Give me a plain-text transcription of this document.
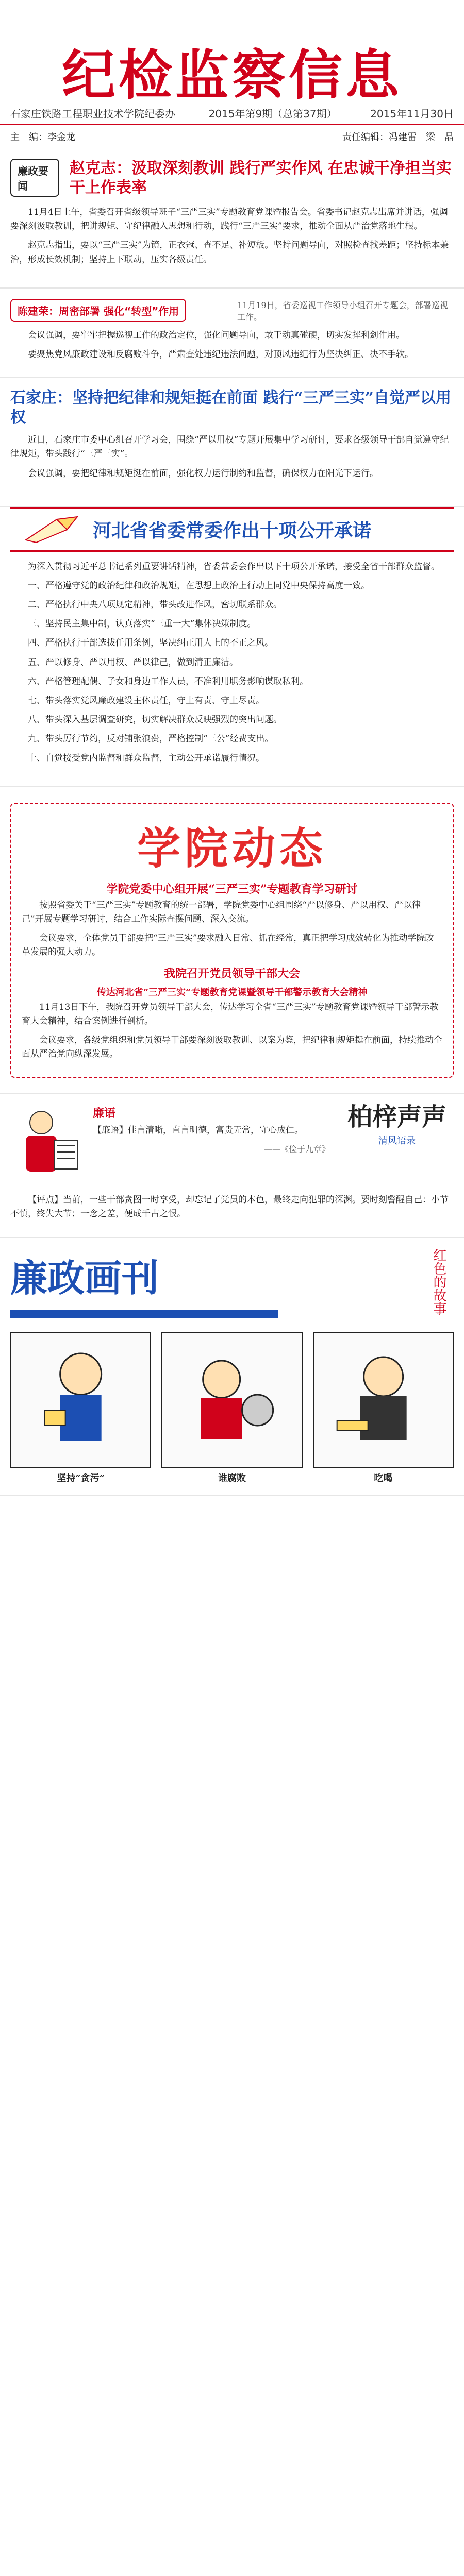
纪检监察信息
石家庄铁路工程职业技术学院纪委办	2015年第9期（总第37期）	2015年11月30日
主　编：李金龙	责任编辑：冯建雷　梁　晶
廉政要闻
赵克志：汲取深刻教训 践行严实作风 在忠诚干净担当实干上作表率

11月4日上午，省委召开省级领导班子“三严三实”专题教育党课暨报告会。省委书记赵克志出席并讲话，强调要深刻汲取教训，把讲规矩、守纪律融入思想和行动，践行“三严三实”要求，推动全面从严治党落地生根。

赵克志指出，要以“三严三实”为镜，正衣冠、查不足、补短板。坚持问题导向，对照检查找差距；坚持标本兼治，形成长效机制；坚持上下联动，压实各级责任。

陈建荣：周密部署 强化“转型”作用	11月19日，省委巡视工作领导小组召开专题会，部署巡视工作。

会议强调，要牢牢把握巡视工作的政治定位，强化问题导向，敢于动真碰硬，切实发挥利剑作用。

要聚焦党风廉政建设和反腐败斗争，严肃查处违纪违法问题，对顶风违纪行为坚决纠正、决不手软。

石家庄：坚持把纪律和规矩挺在前面 践行“三严三实”自觉严以用权

近日，石家庄市委中心组召开学习会，围绕“严以用权”专题开展集中学习研讨，要求各级领导干部自觉遵守纪律规矩，带头践行“三严三实”。

会议强调，要把纪律和规矩挺在前面，强化权力运行制约和监督，确保权力在阳光下运行。

河北省省委常委作出十项公开承诺

为深入贯彻习近平总书记系列重要讲话精神，省委常委会作出以下十项公开承诺，接受全省干部群众监督。

一、严格遵守党的政治纪律和政治规矩，在思想上政治上行动上同党中央保持高度一致。

二、严格执行中央八项规定精神，带头改进作风，密切联系群众。

三、坚持民主集中制，认真落实“三重一大”集体决策制度。

四、严格执行干部选拔任用条例，坚决纠正用人上的不正之风。

五、严以修身、严以用权、严以律己，做到清正廉洁。

六、严格管理配偶、子女和身边工作人员，不准利用职务影响谋取私利。

七、带头落实党风廉政建设主体责任，守土有责、守土尽责。

八、带头深入基层调查研究，切实解决群众反映强烈的突出问题。

九、带头厉行节约，反对铺张浪费，严格控制“三公”经费支出。

十、自觉接受党内监督和群众监督，主动公开承诺履行情况。

学院动态
学院党委中心组开展“三严三实”专题教育学习研讨

按照省委关于“三严三实”专题教育的统一部署，学院党委中心组围绕“严以修身、严以用权、严以律己”开展专题学习研讨，结合工作实际查摆问题、深入交流。

会议要求，全体党员干部要把“三严三实”要求融入日常、抓在经常，真正把学习成效转化为推动学院改革发展的强大动力。

我院召开党员领导干部大会
传达河北省“三严三实”专题教育党课暨领导干部警示教育大会精神

11月13日下午，我院召开党员领导干部大会，传达学习全省“三严三实”专题教育党课暨领导干部警示教育大会精神，结合案例进行剖析。

会议要求，各级党组织和党员领导干部要深刻汲取教训、以案为鉴，把纪律和规矩挺在前面，持续推动全面从严治党向纵深发展。

廉语

【廉语】佳言清晰，直言明德，富贵无常，守心成仁。

——《俭于九章》
柏梓声声
清风语录

【评点】当前，一些干部贪图一时享受，却忘记了党员的本色，最终走向犯罪的深渊。要时刻警醒自己：小节不慎，终失大节；一念之差，便成千古之恨。

廉政画刊	红色的故事
坚持“贪污”	谁腐败	吃喝
